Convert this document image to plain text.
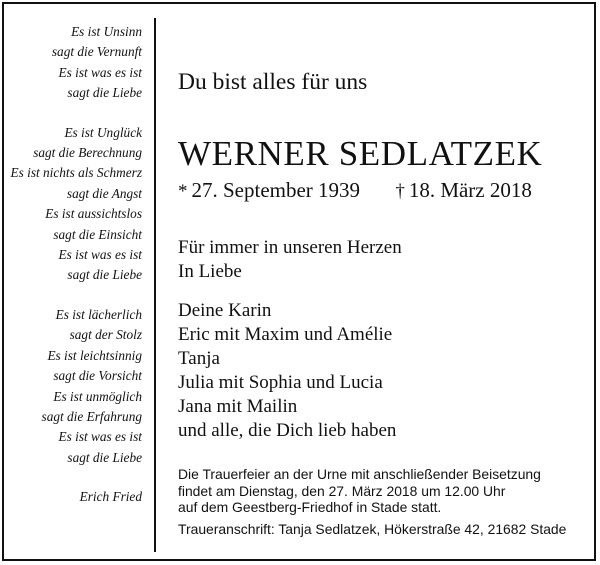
Es ist Unsinn
sagt die Vernunft
Es ist was es ist
sagt die Liebe
Es ist Unglück
sagt die Berechnung
Es ist nichts als Schmerz
sagt die Angst
Es ist aussichtslos
sagt die Einsicht
Es ist was es ist
sagt die Liebe
Es ist lächerlich
sagt der Stolz
Es ist leichtsinnig
sagt die Vorsicht
Es ist unmöglich
sagt die Erfahrung
Es ist was es ist
sagt die Liebe
Erich Fried
Du bist alles für uns
WERNER SEDLATZEK
* 27. September 1939 † 18. März 2018
Für immer in unseren Herzen
In Liebe
Deine Karin
Eric mit Maxim und Amélie
Tanja
Julia mit Sophia und Lucia
Jana mit Mailin
und alle, die Dich lieb haben
Die Trauerfeier an der Urne mit anschließender Beisetzung
findet am Dienstag, den 27. März 2018 um 12.00 Uhr
auf dem Geestberg-Friedhof in Stade statt.
Traueranschrift: Tanja Sedlatzek, Hökerstraße 42, 21682 Stade
